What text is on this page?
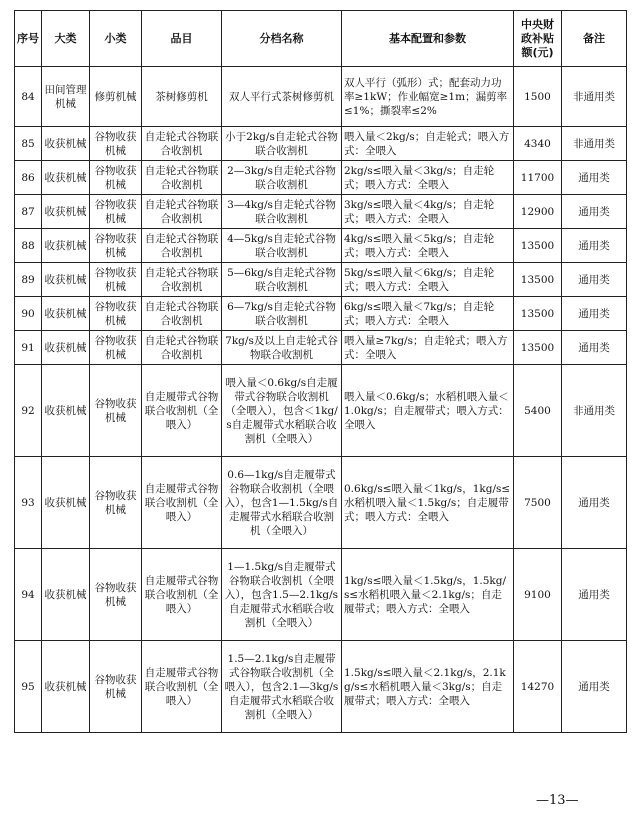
序号	大类	小类	品目	分档名称	基本配置和参数	中央财政补贴额(元)	备注
84	田间管理机械	修剪机械	茶树修剪机	双人平行式茶树修剪机	双人平行（弧形）式；配套动力功率≥1kW；作业幅宽≥1m；漏剪率≤1%；撕裂率≤2%	1500	非通用类
85	收获机械	谷物收获机械	自走轮式谷物联合收割机	小于2kg/s自走轮式谷物联合收割机	喂入量＜2kg/s；自走轮式；喂入方式：全喂入	4340	非通用类
86	收获机械	谷物收获机械	自走轮式谷物联合收割机	2—3kg/s自走轮式谷物联合收割机	2kg/s≤喂入量＜3kg/s；自走轮式；喂入方式：全喂入	11700	通用类
87	收获机械	谷物收获机械	自走轮式谷物联合收割机	3—4kg/s自走轮式谷物联合收割机	3kg/s≤喂入量＜4kg/s；自走轮式；喂入方式：全喂入	12900	通用类
88	收获机械	谷物收获机械	自走轮式谷物联合收割机	4—5kg/s自走轮式谷物联合收割机	4kg/s≤喂入量＜5kg/s；自走轮式；喂入方式：全喂入	13500	通用类
89	收获机械	谷物收获机械	自走轮式谷物联合收割机	5—6kg/s自走轮式谷物联合收割机	5kg/s≤喂入量＜6kg/s；自走轮式；喂入方式：全喂入	13500	通用类
90	收获机械	谷物收获机械	自走轮式谷物联合收割机	6—7kg/s自走轮式谷物联合收割机	6kg/s≤喂入量＜7kg/s；自走轮式；喂入方式：全喂入	13500	通用类
91	收获机械	谷物收获机械	自走轮式谷物联合收割机	7kg/s及以上自走轮式谷物联合收割机	喂入量≥7kg/s；自走轮式；喂入方式：全喂入	13500	通用类
92	收获机械	谷物收获机械	自走履带式谷物联合收割机（全喂入）	喂入量＜0.6kg/s自走履带式谷物联合收割机（全喂入），包含＜1kg/s自走履带式水稻联合收割机（全喂入）	喂入量＜0.6kg/s；水稻机喂入量＜1.0kg/s；自走履带式；喂入方式：全喂入	5400	非通用类
93	收获机械	谷物收获机械	自走履带式谷物联合收割机（全喂入）	0.6—1kg/s自走履带式谷物联合收割机（全喂入），包含1—1.5kg/s自走履带式水稻联合收割机（全喂入）	0.6kg/s≤喂入量＜1kg/s，1kg/s≤水稻机喂入量＜1.5kg/s；自走履带式；喂入方式：全喂入	7500	通用类
94	收获机械	谷物收获机械	自走履带式谷物联合收割机（全喂入）	1—1.5kg/s自走履带式谷物联合收割机（全喂入），包含1.5—2.1kg/s自走履带式水稻联合收割机（全喂入）	1kg/s≤喂入量＜1.5kg/s，1.5kg/s≤水稻机喂入量＜2.1kg/s；自走履带式；喂入方式：全喂入	9100	通用类
95	收获机械	谷物收获机械	自走履带式谷物联合收割机（全喂入）	1.5—2.1kg/s自走履带式谷物联合收割机（全喂入），包含2.1—3kg/s自走履带式水稻联合收割机（全喂入）	1.5kg/s≤喂入量＜2.1kg/s，2.1kg/s≤水稻机喂入量＜3kg/s；自走履带式；喂入方式：全喂入	14270	通用类
—13—
